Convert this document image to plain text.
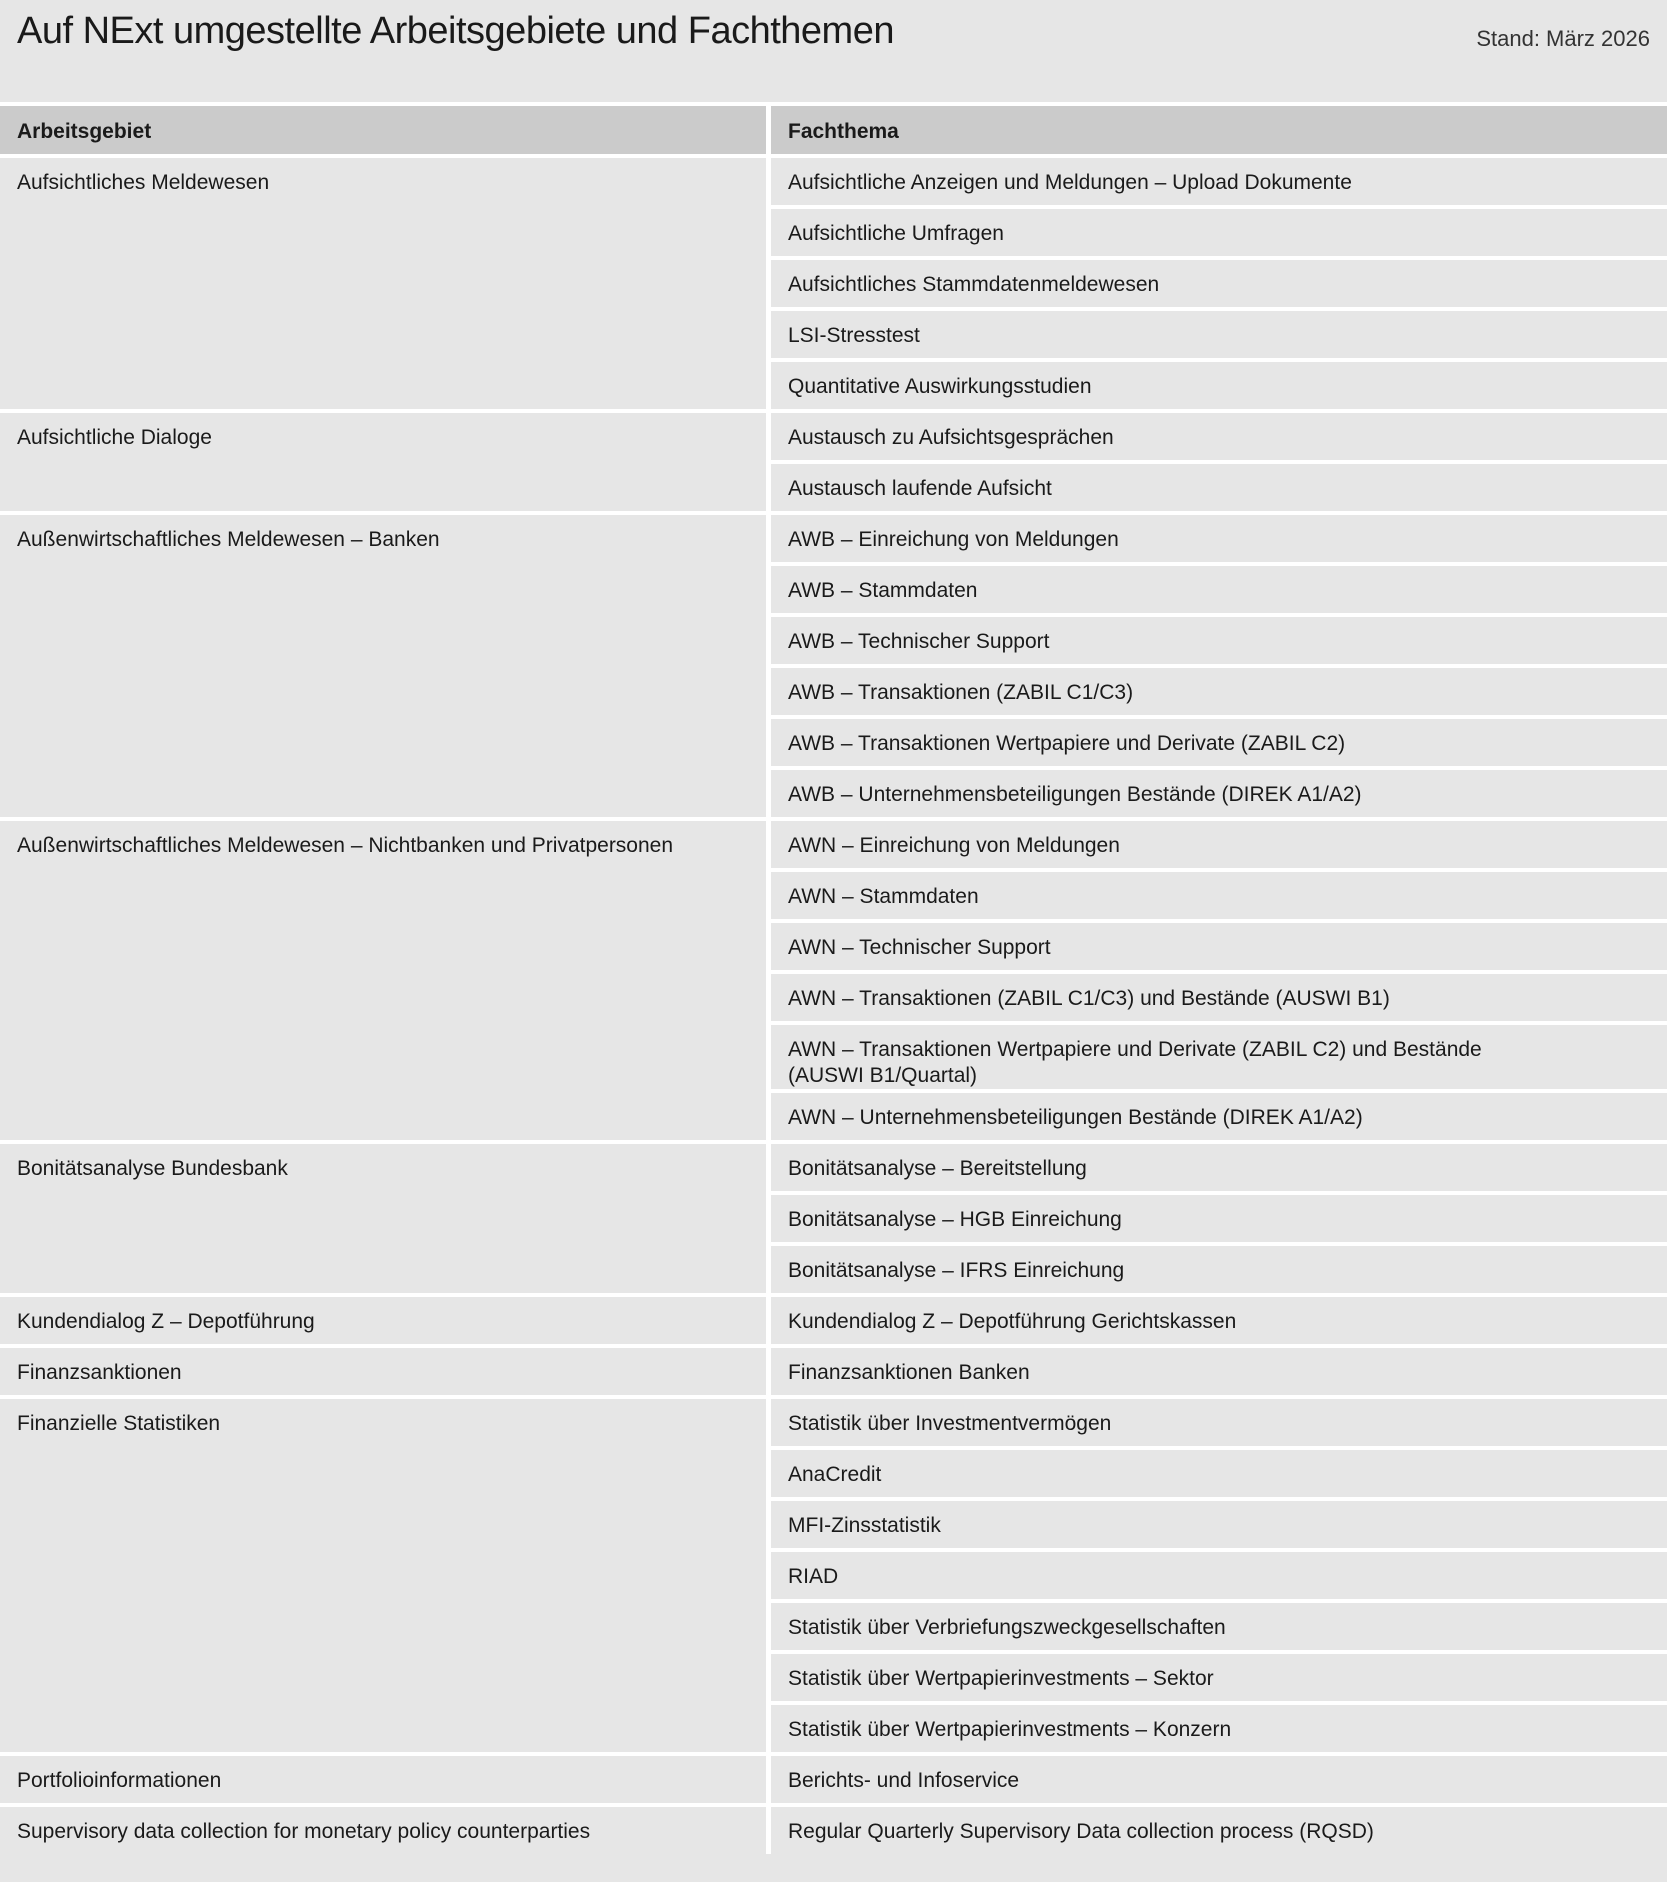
Auf NExt umgestellte Arbeitsgebiete und Fachthemen	Stand: März 2026
Arbeitsgebiet	Fachthema
Aufsichtliches Meldewesen	Aufsichtliche Anzeigen und Meldungen – Upload Dokumente
	Aufsichtliche Umfragen
	Aufsichtliches Stammdatenmeldewesen
	LSI-Stresstest
	Quantitative Auswirkungsstudien
Aufsichtliche Dialoge	Austausch zu Aufsichtsgesprächen
	Austausch laufende Aufsicht
Außenwirtschaftliches Meldewesen – Banken	AWB – Einreichung von Meldungen
	AWB – Stammdaten
	AWB – Technischer Support
	AWB – Transaktionen (ZABIL C1/C3)
	AWB – Transaktionen Wertpapiere und Derivate (ZABIL C2)
	AWB – Unternehmensbeteiligungen Bestände (DIREK A1/A2)
Außenwirtschaftliches Meldewesen – Nichtbanken und Privatpersonen	AWN – Einreichung von Meldungen
	AWN – Stammdaten
	AWN – Technischer Support
	AWN – Transaktionen (ZABIL C1/C3) und Bestände (AUSWI B1)
	AWN – Transaktionen Wertpapiere und Derivate (ZABIL C2) und Bestände (AUSWI B1/Quartal)
	AWN – Unternehmensbeteiligungen Bestände (DIREK A1/A2)
Bonitätsanalyse Bundesbank	Bonitätsanalyse – Bereitstellung
	Bonitätsanalyse – HGB Einreichung
	Bonitätsanalyse – IFRS Einreichung
Kundendialog Z – Depotführung	Kundendialog Z – Depotführung Gerichtskassen
Finanzsanktionen	Finanzsanktionen Banken
Finanzielle Statistiken	Statistik über Investmentvermögen
	AnaCredit
	MFI-Zinsstatistik
	RIAD
	Statistik über Verbriefungszweckgesellschaften
	Statistik über Wertpapierinvestments – Sektor
	Statistik über Wertpapierinvestments – Konzern
Portfolioinformationen	Berichts- und Infoservice
Supervisory data collection for monetary policy counterparties	Regular Quarterly Supervisory Data collection process (RQSD)
